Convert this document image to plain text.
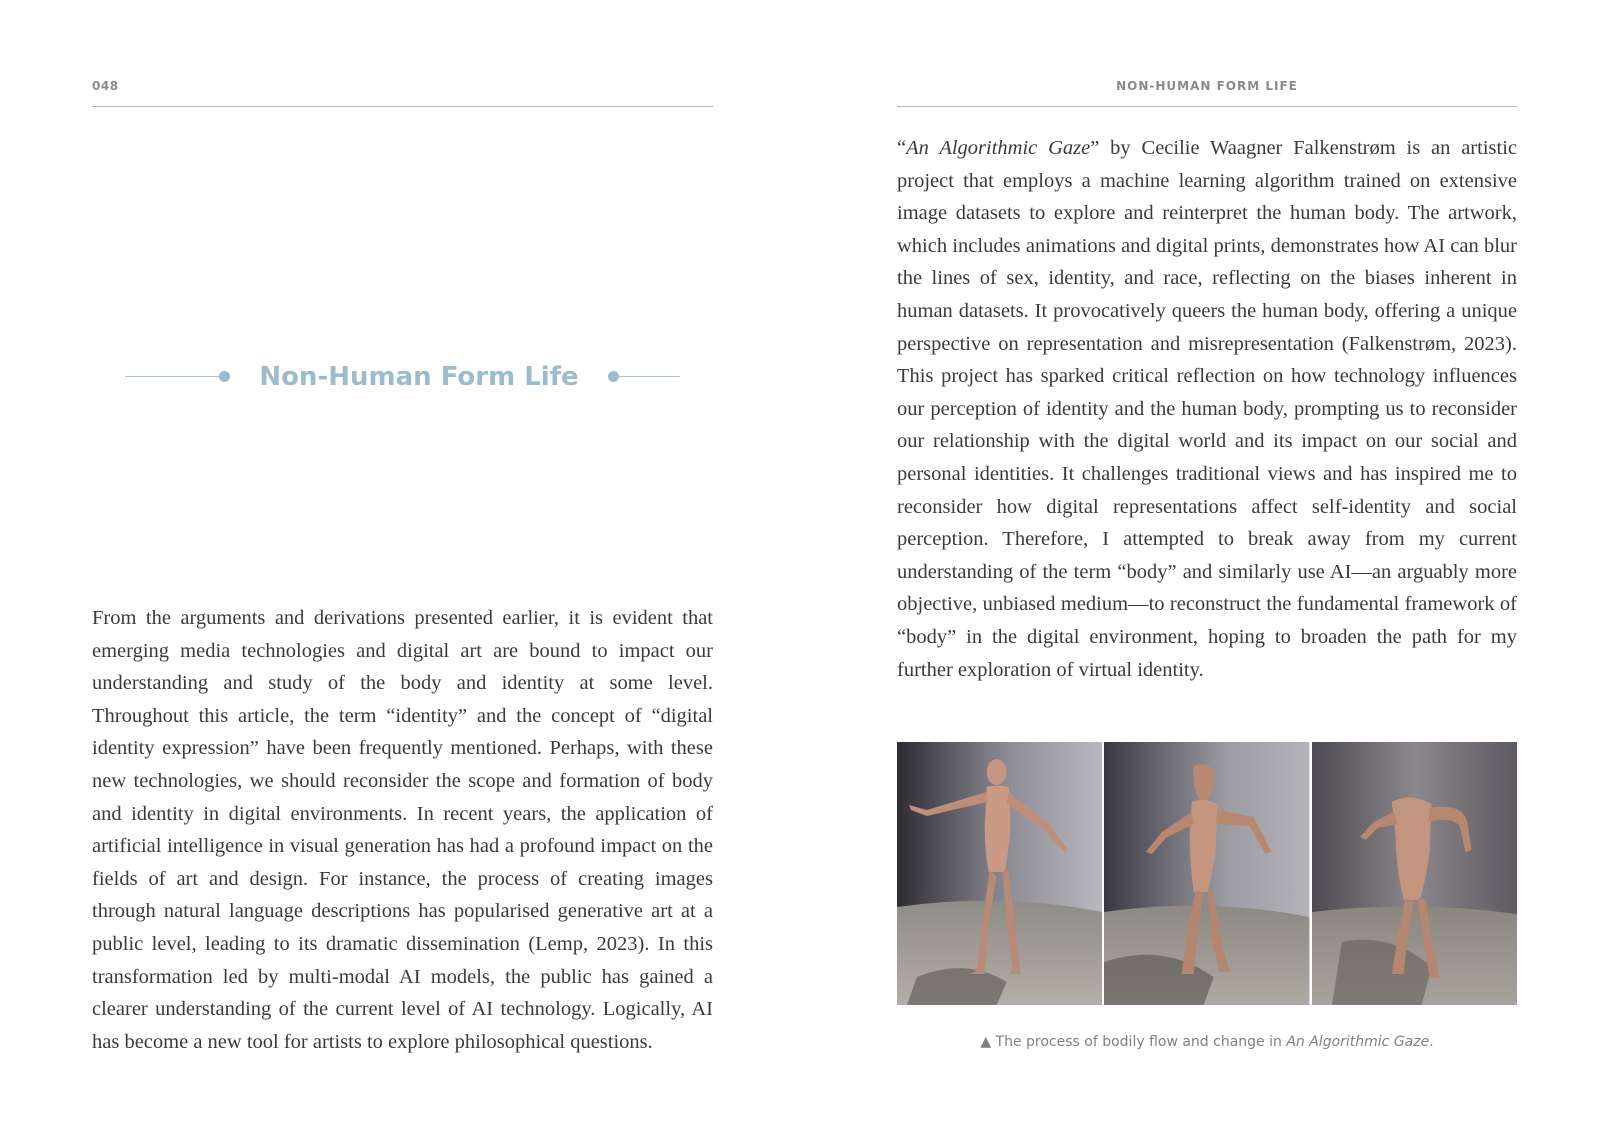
048
Non-Human Form Life

From the arguments and derivations presented earlier, it is evident that emerging media technologies and digital art are bound to impact our understanding and study of the body and identity at some level. Throughout this article, the term “identity” and the concept of “digital identity expression” have been frequently mentioned. Perhaps, with these new technologies, we should reconsider the scope and formation of body and identity in digital environments. In recent years, the application of artificial intelligence in visual generation has had a profound impact on the fields of art and design. For instance, the process of creating images through natural language descriptions has popularised generative art at a public level, leading to its dramatic dissemination (Lemp, 2023). In this transformation led by multi-modal AI models, the public has gained a clearer understanding of the current level of AI technology. Logically, AI has become a new tool for artists to explore philosophical questions.

NON-HUMAN FORM LIFE

“An Algorithmic Gaze” by Cecilie Waagner Falkenstrøm is an artistic project that employs a machine learning algorithm trained on extensive image datasets to explore and reinterpret the human body. The artwork, which includes animations and digital prints, demonstrates how AI can blur the lines of sex, identity, and race, reflecting on the biases inherent in human datasets. It provocatively queers the human body, offering a unique perspective on representation and misrepresentation (Falkenstrøm, 2023). This project has sparked critical reflection on how technology influences our perception of identity and the human body, prompting us to reconsider our relationship with the digital world and its impact on our social and personal identities. It challenges traditional views and has inspired me to reconsider how digital representations affect self-identity and social perception. Therefore, I attempted to break away from my current understanding of the term “body” and similarly use AI—an arguably more objective, unbiased medium—to reconstruct the fundamental framework of “body” in the digital environment, hoping to broaden the path for my further exploration of virtual identity.

▲ The process of bodily flow and change in An Algorithmic Gaze.
